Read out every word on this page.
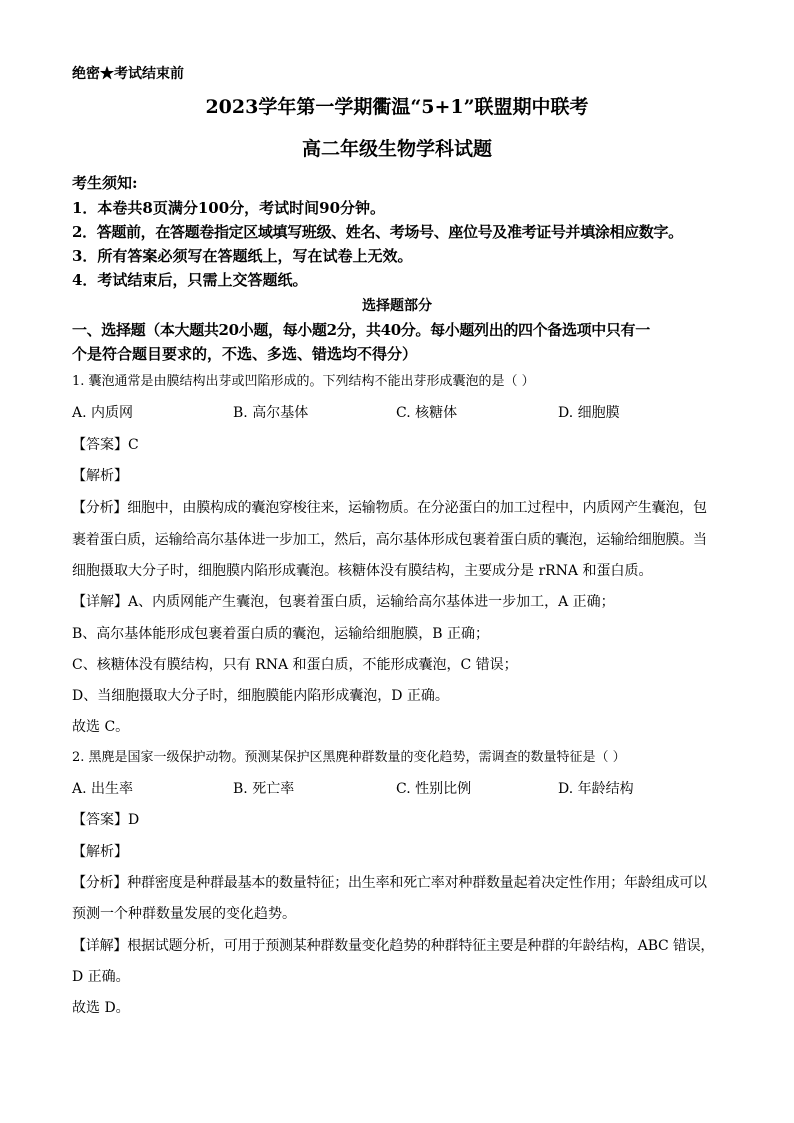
绝密★考试结束前
2023学年第一学期衢温“5+1”联盟期中联考
高二年级生物学科试题
考生须知:
1．本卷共8页满分100分，考试时间90分钟。
2．答题前，在答题卷指定区域填写班级、姓名、考场号、座位号及准考证号并填涂相应数字。
3．所有答案必须写在答题纸上，写在试卷上无效。
4．考试结束后，只需上交答题纸。
选择题部分
一、选择题（本大题共20小题，每小题2分，共40分。每小题列出的四个备选项中只有一
个是符合题目要求的，不选、多选、错选均不得分）
1. 囊泡通常是由膜结构出芽或凹陷形成的。下列结构不能出芽形成囊泡的是（ ）
A. 内质网	B. 高尔基体	C. 核糖体	D. 细胞膜
【答案】C
【解析】
【分析】细胞中，由膜构成的囊泡穿梭往来，运输物质。在分泌蛋白的加工过程中，内质网产生囊泡，包
裹着蛋白质，运输给高尔基体进一步加工，然后，高尔基体形成包裹着蛋白质的囊泡，运输给细胞膜。当
细胞摄取大分子时，细胞膜内陷形成囊泡。核糖体没有膜结构，主要成分是 rRNA 和蛋白质。
【详解】A、内质网能产生囊泡，包裹着蛋白质，运输给高尔基体进一步加工，A 正确；
B、高尔基体能形成包裹着蛋白质的囊泡，运输给细胞膜，B 正确；
C、核糖体没有膜结构，只有 RNA 和蛋白质，不能形成囊泡，C 错误；
D、当细胞摄取大分子时，细胞膜能内陷形成囊泡，D 正确。
故选 C。
2. 黑麂是国家一级保护动物。预测某保护区黑麂种群数量的变化趋势，需调查的数量特征是（ ）
A. 出生率	B. 死亡率	C. 性别比例	D. 年龄结构
【答案】D
【解析】
【分析】种群密度是种群最基本的数量特征；出生率和死亡率对种群数量起着决定性作用；年龄组成可以
预测一个种群数量发展的变化趋势。
【详解】根据试题分析，可用于预测某种群数量变化趋势的种群特征主要是种群的年龄结构，ABC 错误，
D 正确。
故选 D。
